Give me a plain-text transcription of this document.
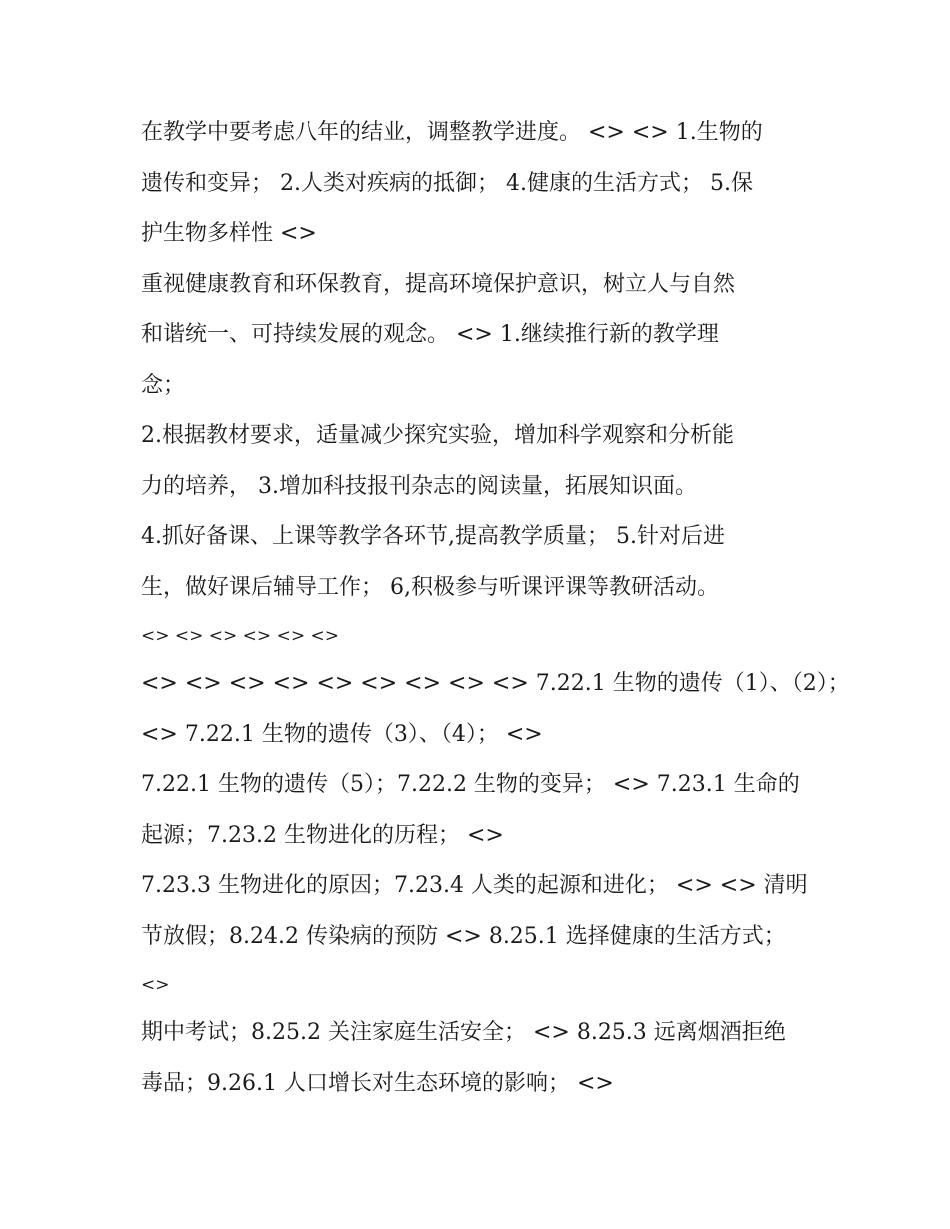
在教学中要考虑八年的结业，调整教学进度。 <> <> 1.生物的
遗传和变异； 2.人类对疾病的抵御； 4.健康的生活方式； 5.保
护生物多样性 <>
重视健康教育和环保教育，提高环境保护意识，树立人与自然
和谐统一、可持续发展的观念。 <> 1.继续推行新的教学理
念；
2.根据教材要求，适量减少探究实验，增加科学观察和分析能
力的培养， 3.增加科技报刊杂志的阅读量，拓展知识面。
4.抓好备课、上课等教学各环节,提高教学质量； 5.针对后进
生，做好课后辅导工作； 6,积极参与听课评课等教研活动。
<> <> <> <> <> <>
<> <> <> <> <> <> <> <> <> 7.22.1 生物的遗传（1）、（2）；
<> 7.22.1 生物的遗传（3）、（4）； <>
7.22.1 生物的遗传（5）；7.22.2 生物的变异； <> 7.23.1 生命的
起源；7.23.2 生物进化的历程； <>
7.23.3 生物进化的原因；7.23.4 人类的起源和进化； <> <> 清明
节放假；8.24.2 传染病的预防 <> 8.25.1 选择健康的生活方式；
<>
期中考试；8.25.2 关注家庭生活安全； <> 8.25.3 远离烟酒拒绝
毒品；9.26.1 人口增长对生态环境的影响； <>
